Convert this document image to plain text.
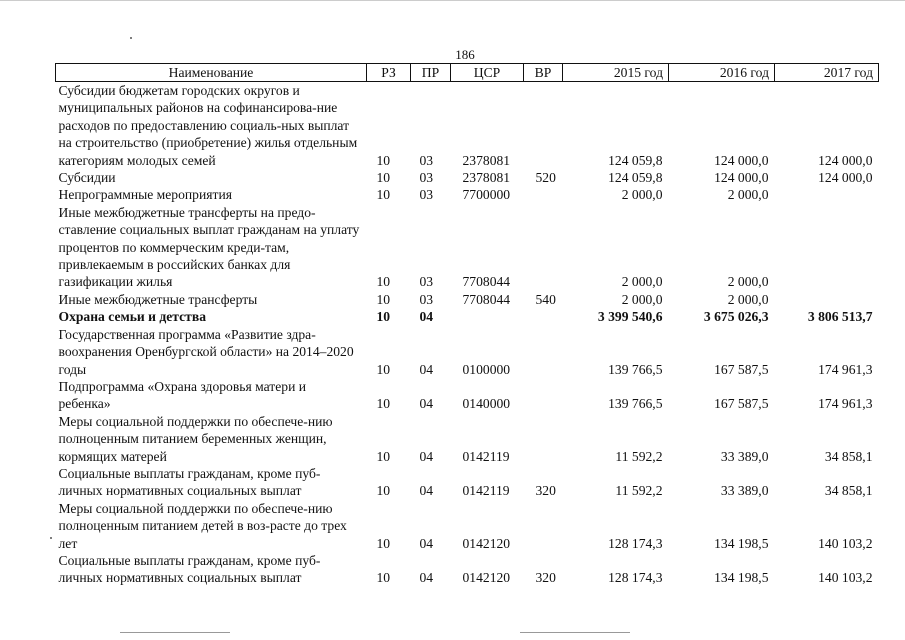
186
Наименование	РЗ	ПР	ЦСР	ВР	2015 год	2016 год	2017 год
Субсидии бюджетам городских округов и муниципальных районов на софинансирова-ние расходов по предоставлению социаль-ных выплат на строительство (приобретение) жилья отдельным категориям молодых семей	10	03	2378081		124 059,8	124 000,0	124 000,0
Субсидии	10	03	2378081	520	124 059,8	124 000,0	124 000,0
Непрограммные мероприятия	10	03	7700000		2 000,0	2 000,0	
Иные межбюджетные трансферты на предо-ставление социальных выплат гражданам на уплату процентов по коммерческим креди-там, привлекаемым в российских банках для газификации жилья	10	03	7708044		2 000,0	2 000,0	
Иные межбюджетные трансферты	10	03	7708044	540	2 000,0	2 000,0	
Охрана семьи и детства	10	04			3 399 540,6	3 675 026,3	3 806 513,7
Государственная программа «Развитие здра-воохранения Оренбургской области» на 2014–2020 годы	10	04	0100000		139 766,5	167 587,5	174 961,3
Подпрограмма «Охрана здоровья матери и ребенка»	10	04	0140000		139 766,5	167 587,5	174 961,3
Меры социальной поддержки по обеспече-нию полноценным питанием беременных женщин, кормящих матерей	10	04	0142119		11 592,2	33 389,0	34 858,1
Социальные выплаты гражданам, кроме пуб-личных нормативных социальных выплат	10	04	0142119	320	11 592,2	33 389,0	34 858,1
Меры социальной поддержки по обеспече-нию полноценным питанием детей в воз-расте до трех лет	10	04	0142120		128 174,3	134 198,5	140 103,2
Социальные выплаты гражданам, кроме пуб-личных нормативных социальных выплат	10	04	0142120	320	128 174,3	134 198,5	140 103,2
